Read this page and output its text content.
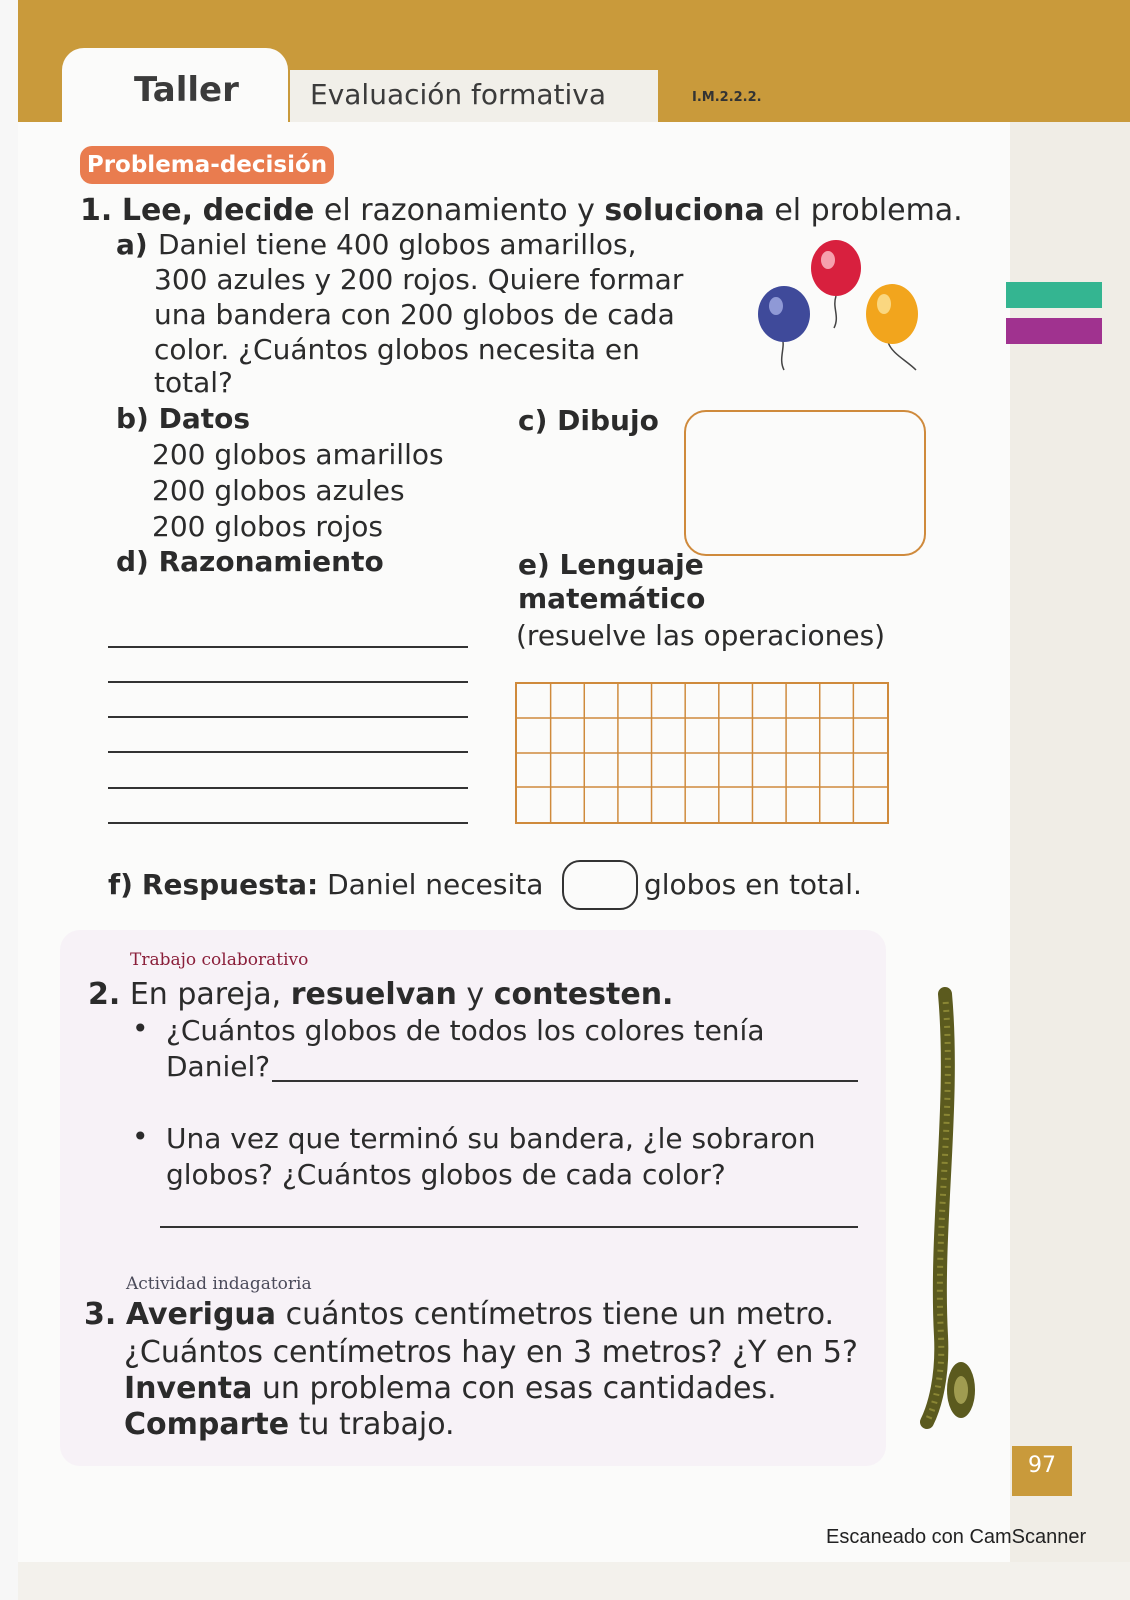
Taller	Evaluación formativa	I.M.2.2.2.
Problema-decisión
1. Lee, decide el razonamiento y soluciona el problema.
a) Daniel tiene 400 globos amarillos,
300 azules y 200 rojos. Quiere formar
una bandera con 200 globos de cada
color. ¿Cuántos globos necesita en
total?
b) Datos
200 globos amarillos
200 globos azules
200 globos rojos
c) Dibujo
d) Razonamiento	e) Lenguaje
matemático
(resuelve las operaciones)
f) Respuesta: Daniel necesita	globos en total.
Trabajo colaborativo
2. En pareja, resuelvan y contesten.
• ¿Cuántos globos de todos los colores tenía
Daniel?
• Una vez que terminó su bandera, ¿le sobraron
globos? ¿Cuántos globos de cada color?
Actividad indagatoria
3. Averigua cuántos centímetros tiene un metro.
¿Cuántos centímetros hay en 3 metros? ¿Y en 5?
Inventa un problema con esas cantidades.
Comparte tu trabajo.
97
Escaneado con CamScanner
